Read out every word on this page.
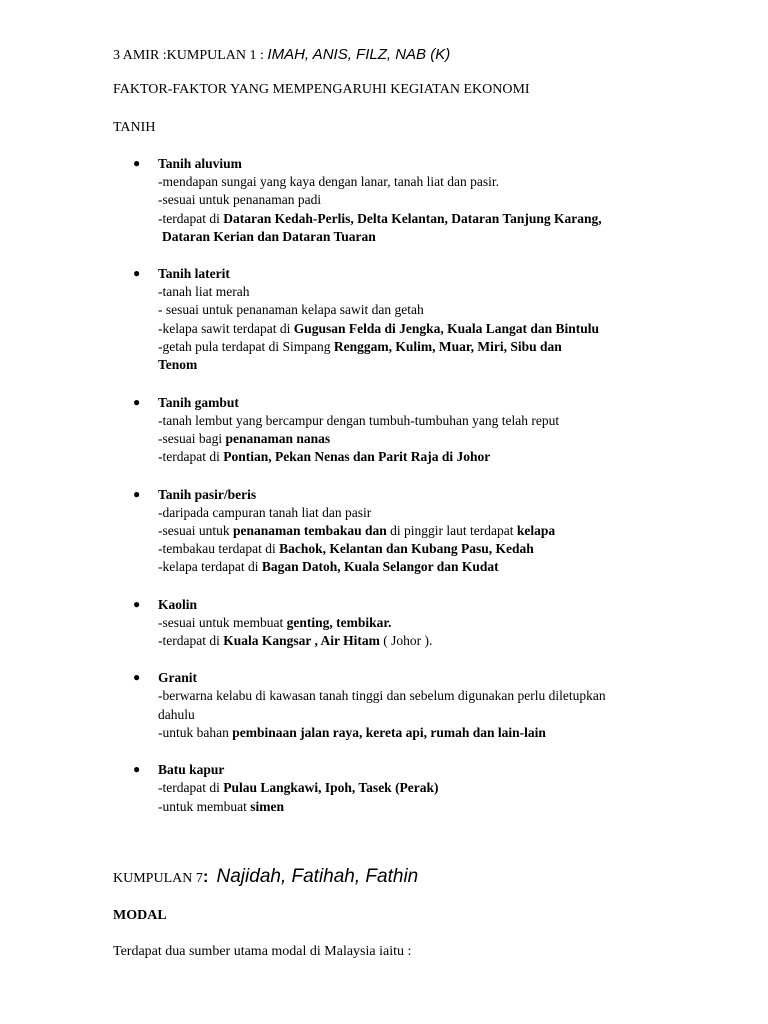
3 AMIR :KUMPULAN 1 : IMAH, ANIS, FILZ, NAB (K)
FAKTOR-FAKTOR YANG MEMPENGARUHI KEGIATAN EKONOMI
TANIH
● Tanih aluvium
-mendapan sungai yang kaya dengan lanar, tanah liat dan pasir.
-sesuai untuk penanaman padi
-terdapat di Dataran Kedah-Perlis, Delta Kelantan, Dataran Tanjung Karang,
Dataran Kerian dan Dataran Tuaran
● Tanih laterit
-tanah liat merah
- sesuai untuk penanaman kelapa sawit dan getah
-kelapa sawit terdapat di Gugusan Felda di Jengka, Kuala Langat dan Bintulu
-getah pula terdapat di Simpang Renggam, Kulim, Muar, Miri, Sibu dan
Tenom
● Tanih gambut
-tanah lembut yang bercampur dengan tumbuh-tumbuhan yang telah reput
-sesuai bagi penanaman nanas
-terdapat di Pontian, Pekan Nenas dan Parit Raja di Johor
● Tanih pasir/beris
-daripada campuran tanah liat dan pasir
-sesuai untuk penanaman tembakau dan di pinggir laut terdapat kelapa
-tembakau terdapat di Bachok, Kelantan dan Kubang Pasu, Kedah
-kelapa terdapat di Bagan Datoh, Kuala Selangor dan Kudat
● Kaolin
-sesuai untuk membuat genting, tembikar.
-terdapat di Kuala Kangsar , Air Hitam ( Johor ).
● Granit
-berwarna kelabu di kawasan tanah tinggi dan sebelum digunakan perlu diletupkan dahulu
-untuk bahan pembinaan jalan raya, kereta api, rumah dan lain-lain
● Batu kapur
-terdapat di Pulau Langkawi, Ipoh, Tasek (Perak)
-untuk membuat simen
KUMPULAN 7: Najidah, Fatihah, Fathin
MODAL
Terdapat dua sumber utama modal di Malaysia iaitu :
